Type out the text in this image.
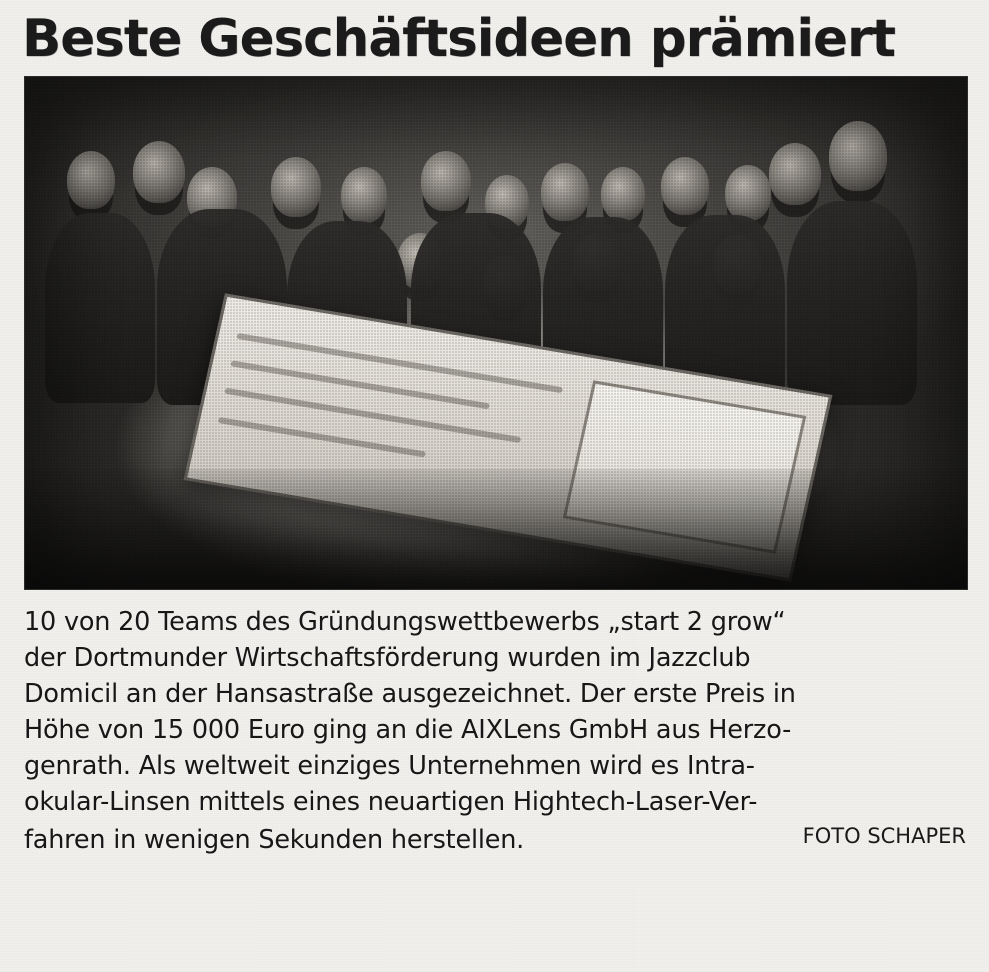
Beste Geschäftsideen prämiert

10 von 20 Teams des Gründungswettbewerbs „start 2 grow“

der Dortmunder Wirtschaftsförderung wurden im Jazzclub

Domicil an der Hansastraße ausgezeichnet. Der erste Preis in

Höhe von 15 000 Euro ging an die AIXLens GmbH aus Herzo-

genrath. Als weltweit einziges Unternehmen wird es Intra-

okular-Linsen mittels eines neuartigen Hightech-Laser-Ver-

fahren in wenigen Sekunden herstellen.	FOTO SCHAPER
